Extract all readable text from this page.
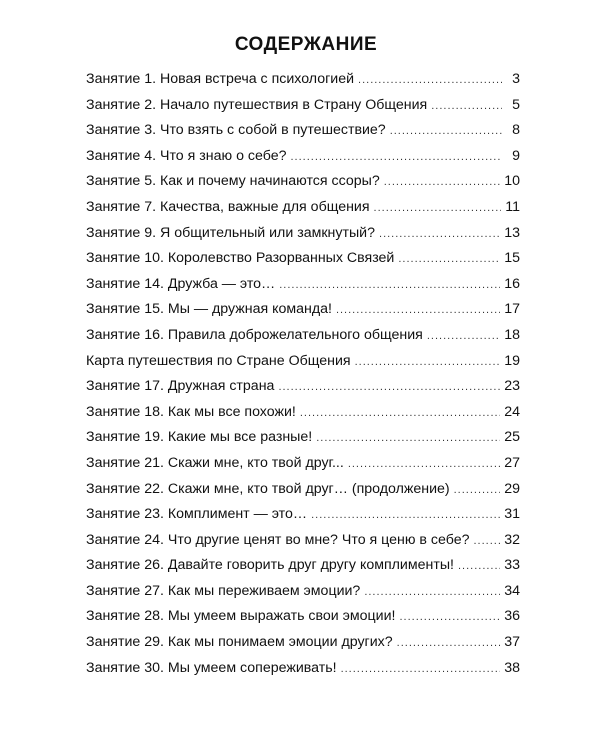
СОДЕРЖАНИЕ
Занятие 1. Новая встреча с психологией .....	3
Занятие 2. Начало путешествия в Страну Общения .....	5
Занятие 3. Что взять с собой в путешествие? .....	8
Занятие 4. Что я знаю о себе? .....	9
Занятие 5. Как и почему начинаются ссоры? .....	10
Занятие 7. Качества, важные для общения .....	11
Занятие 9. Я общительный или замкнутый? .....	13
Занятие 10. Королевство Разорванных Связей .....	15
Занятие 14. Дружба — это… .....	16
Занятие 15. Мы — дружная команда! .....	17
Занятие 16. Правила доброжелательного общения .....	18
Карта путешествия по Стране Общения .....	19
Занятие 17. Дружная страна .....	23
Занятие 18. Как мы все похожи! .....	24
Занятие 19. Какие мы все разные! .....	25
Занятие 21. Скажи мне, кто твой друг... .....	27
Занятие 22. Скажи мне, кто твой друг… (продолжение) .....	29
Занятие 23. Комплимент — это… .....	31
Занятие 24. Что другие ценят во мне? Что я ценю в себе? ..... 32
Занятие 26. Давайте говорить друг другу комплименты! .....	33
Занятие 27. Как мы переживаем эмоции? .....	34
Занятие 28. Мы умеем выражать свои эмоции! .....	36
Занятие 29. Как мы понимаем эмоции других? .....	37
Занятие 30. Мы умеем сопереживать! .....	38
